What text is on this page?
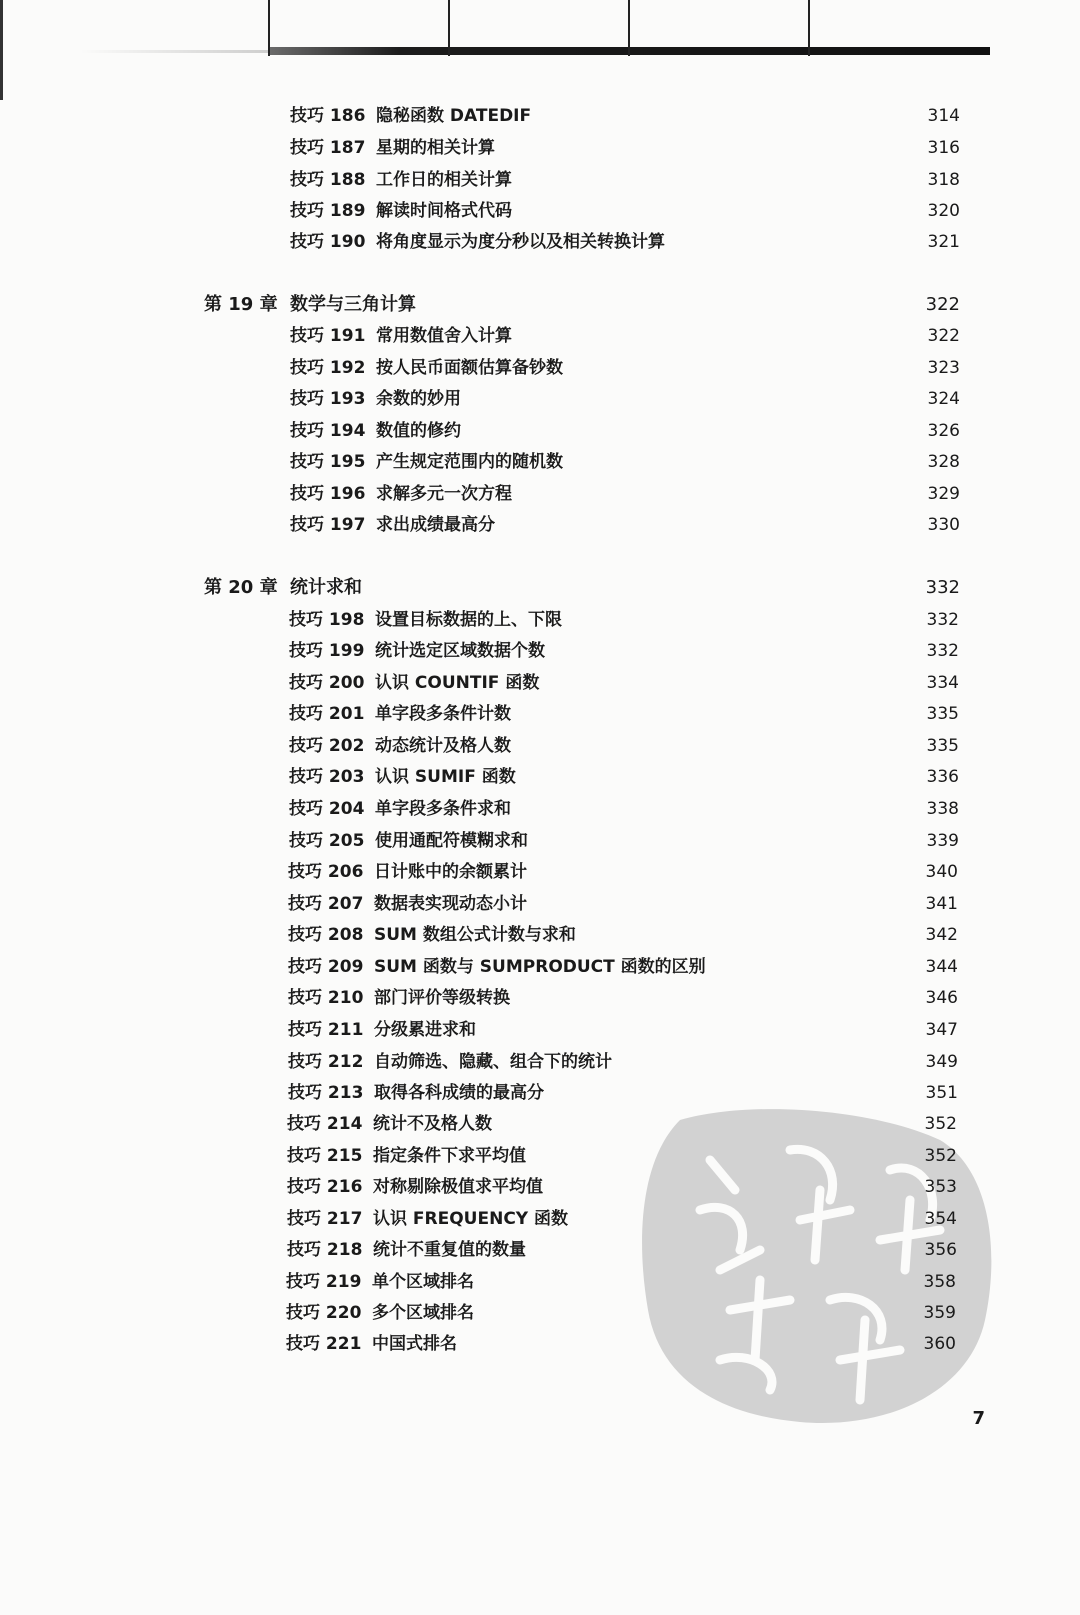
技巧 186 隐秘函数 DATEDIF	314
技巧 187 星期的相关计算	316
技巧 188 工作日的相关计算	318
技巧 189 解读时间格式代码	320
技巧 190 将角度显示为度分秒以及相关转换计算	321
第 19 章 数学与三角计算	322
技巧 191 常用数值舍入计算	322
技巧 192 按人民币面额估算备钞数	323
技巧 193 余数的妙用	324
技巧 194 数值的修约	326
技巧 195 产生规定范围内的随机数	328
技巧 196 求解多元一次方程	329
技巧 197 求出成绩最高分	330
第 20 章 统计求和	332
技巧 198 设置目标数据的上、下限	332
技巧 199 统计选定区域数据个数	332
技巧 200 认识 COUNTIF 函数	334
技巧 201 单字段多条件计数	335
技巧 202 动态统计及格人数	335
技巧 203 认识 SUMIF 函数	336
技巧 204 单字段多条件求和	338
技巧 205 使用通配符模糊求和	339
技巧 206 日计账中的余额累计	340
技巧 207 数据表实现动态小计	341
技巧 208 SUM 数组公式计数与求和	342
技巧 209 SUM 函数与 SUMPRODUCT 函数的区别	344
技巧 210 部门评价等级转换	346
技巧 211 分级累进求和	347
技巧 212 自动筛选、隐藏、组合下的统计	349
技巧 213 取得各科成绩的最高分	351
技巧 214 统计不及格人数	352
技巧 215 指定条件下求平均值	352
技巧 216 对称剔除极值求平均值	353
技巧 217 认识 FREQUENCY 函数	354
技巧 218 统计不重复值的数量	356
技巧 219 单个区域排名	358
技巧 220 多个区域排名	359
技巧 221 中国式排名	360
7
